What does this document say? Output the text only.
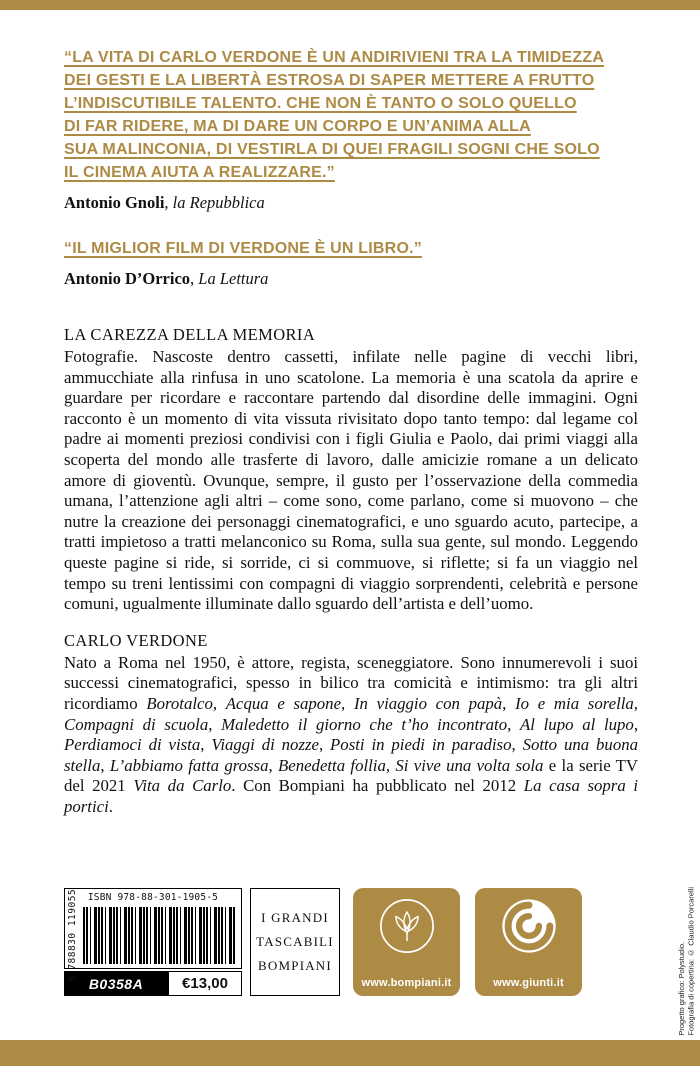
“LA VITA DI CARLO VERDONE È UN ANDIRIVIENI TRA LA TIMIDEZZA
DEI GESTI E LA LIBERTÀ ESTROSA DI SAPER METTERE A FRUTTO
L’INDISCUTIBILE TALENTO. CHE NON È TANTO O SOLO QUELLO
DI FAR RIDERE, MA DI DARE UN CORPO E UN’ANIMA ALLA
SUA MALINCONIA, DI VESTIRLA DI QUEI FRAGILI SOGNI CHE SOLO
IL CINEMA AIUTA A REALIZZARE.”

Antonio Gnoli, la Repubblica

“IL MIGLIOR FILM DI VERDONE È UN LIBRO.”

Antonio D’Orrico, La Lettura

LA CAREZZA DELLA MEMORIA

Fotografie. Nascoste dentro cassetti, infilate nelle pagine di vecchi libri, ammucchiate alla rinfusa in uno scatolone. La memoria è una scatola da aprire e guardare per ricordare e raccontare partendo dal disordine delle immagini. Ogni racconto è un momento di vita vissuta rivisitato dopo tanto tempo: dal legame col padre ai momenti preziosi condivisi con i figli Giulia e Paolo, dai primi viaggi alla scoperta del mondo alle trasferte di lavoro, dalle amicizie romane a un delicato amore di gioventù. Ovunque, sempre, il gusto per l’osservazione della commedia umana, l’attenzione agli altri – come sono, come parlano, come si muovono – che nutre la creazione dei personaggi cinematografici, e uno sguardo acuto, partecipe, a tratti impietoso a tratti melanconico su Roma, sulla sua gente, sul mondo. Leggendo queste pagine si ride, si sorride, ci si commuove, si riflette; si fa un viaggio nel tempo su treni lentissimi con compagni di viaggio sorprendenti, celebrità e persone comuni, ugualmente illuminate dallo sguardo dell’artista e dell’uomo.

CARLO VERDONE

Nato a Roma nel 1950, è attore, regista, sceneggiatore. Sono innumerevoli i suoi successi cinematografici, spesso in bilico tra comicità e intimismo: tra gli altri ricordiamo Borotalco, Acqua e sapone, In viaggio con papà, Io e mia sorella, Compagni di scuola, Maledetto il giorno che t’ho incontrato, Al lupo al lupo, Perdiamoci di vista, Viaggi di nozze, Posti in piedi in paradiso, Sotto una buona stella, L’abbiamo fatta grossa, Benedetta follia, Si vive una volta sola e la serie TV del 2021 Vita da Carlo. Con Bompiani ha pubblicato nel 2012 La casa sopra i portici.

ISBN 978-88-301-1905-5
9 788830 119055
B0358A	€13,00
I GRANDI
TASCABILI
BOMPIANI
www.bompiani.it	www.giunti.it	Progetto grafico: Polystudio. Fotografia di copertina: © Claudio Porcarelli
